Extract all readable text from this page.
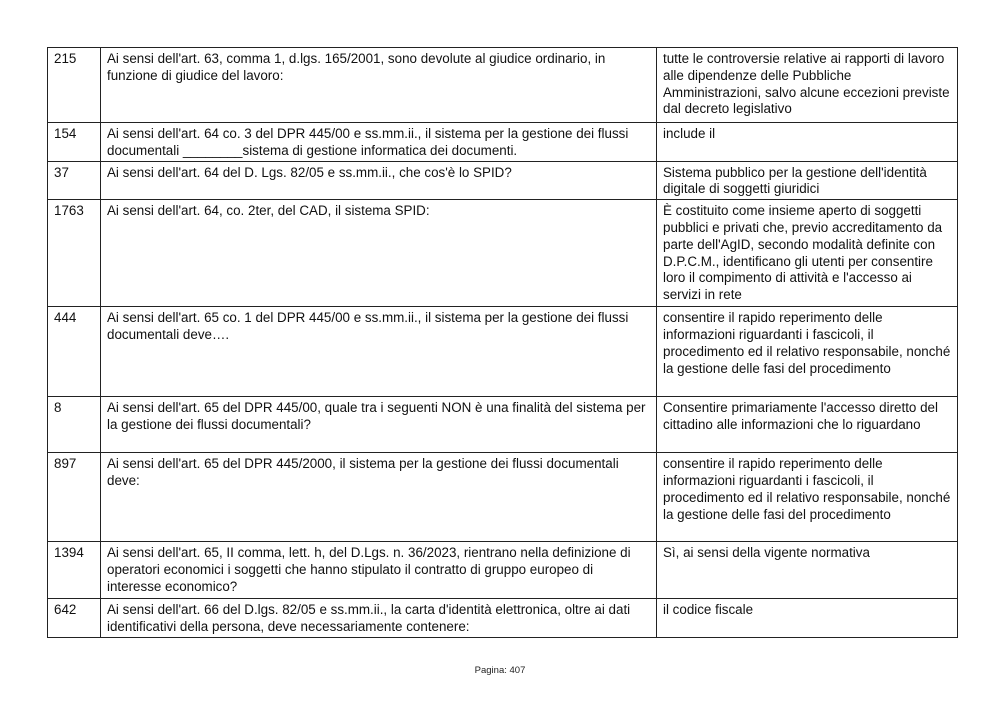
215	Ai sensi dell'art. 63, comma 1, d.lgs. 165/2001, sono devolute al giudice ordinario, in funzione di giudice del lavoro:	tutte le controversie relative ai rapporti di lavoro alle dipendenze delle Pubbliche Amministrazioni, salvo alcune eccezioni previste dal decreto legislativo
154	Ai sensi dell'art. 64 co. 3 del DPR 445/00 e ss.mm.ii., il sistema per la gestione dei flussi documentali ________sistema di gestione informatica dei documenti.	include il
37	Ai sensi dell'art. 64 del D. Lgs. 82/05 e ss.mm.ii., che cos'è lo SPID?	Sistema pubblico per la gestione dell'identità digitale di soggetti giuridici
1763	Ai sensi dell'art. 64, co. 2ter, del CAD, il sistema SPID:	È costituito come insieme aperto di soggetti pubblici e privati che, previo accreditamento da parte dell'AgID, secondo modalità definite con D.P.C.M., identificano gli utenti per consentire loro il compimento di attività e l'accesso ai servizi in rete
444	Ai sensi dell'art. 65 co. 1 del DPR 445/00 e ss.mm.ii., il sistema per la gestione dei flussi documentali deve….	consentire il rapido reperimento delle informazioni riguardanti i fascicoli, il procedimento ed il relativo responsabile, nonché la gestione delle fasi del procedimento
8	Ai sensi dell'art. 65 del DPR 445/00, quale tra i seguenti NON è una finalità del sistema per la gestione dei flussi documentali?	Consentire primariamente l'accesso diretto del cittadino alle informazioni che lo riguardano
897	Ai sensi dell'art. 65 del DPR 445/2000, il sistema per la gestione dei flussi documentali deve:	consentire il rapido reperimento delle informazioni riguardanti i fascicoli, il procedimento ed il relativo responsabile, nonché la gestione delle fasi del procedimento
1394	Ai sensi dell'art. 65, II comma, lett. h, del D.Lgs. n. 36/2023, rientrano nella definizione di operatori economici i soggetti che hanno stipulato il contratto di gruppo europeo di interesse economico?	Sì, ai sensi della vigente normativa
642	Ai sensi dell'art. 66 del D.lgs. 82/05 e ss.mm.ii., la carta d'identità elettronica, oltre ai dati identificativi della persona, deve necessariamente contenere:	il codice fiscale
Pagina: 407
